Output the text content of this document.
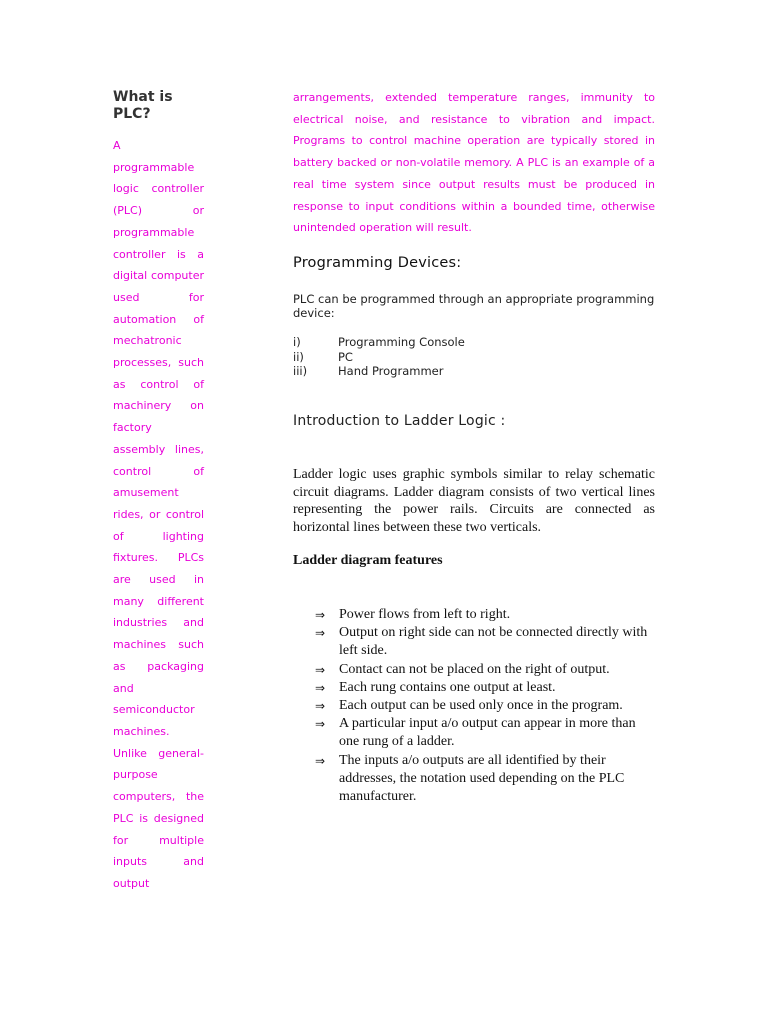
What is PLC?

A programmable logic controller (PLC) or programmable controller is a digital computer used for automation of mechatronic processes, such as control of machinery on factory assembly lines, control of amusement rides, or control of lighting fixtures. PLCs are used in many different industries and machines such as packaging and semiconductor machines. Unlike general-purpose computers, the PLC is designed for multiple inputs and output

arrangements, extended temperature ranges, immunity to electrical noise, and resistance to vibration and impact. Programs to control machine operation are typically stored in battery backed or non-volatile memory. A PLC is an example of a real time system since output results must be produced in response to input conditions within a bounded time, otherwise unintended operation will result.

Programming Devices:

PLC can be programmed through an appropriate programming device:

i)	Programming Console
ii)	PC
iii)	Hand Programmer
Introduction to Ladder Logic :

Ladder logic uses graphic symbols similar to relay schematic circuit diagrams. Ladder diagram consists of two vertical lines representing the power rails. Circuits are connected as horizontal lines between these two verticals.

Ladder diagram features
⇒ Power flows from left to right.
⇒ Output on right side can not be connected directly with left side.
⇒ Contact can not be placed on the right of output.
⇒ Each rung contains one output at least.
⇒ Each output can be used only once in the program.
⇒ A particular input a/o output can appear in more than one rung of a ladder.
⇒ The inputs a/o outputs are all identified by their addresses, the notation used depending on the PLC manufacturer.
